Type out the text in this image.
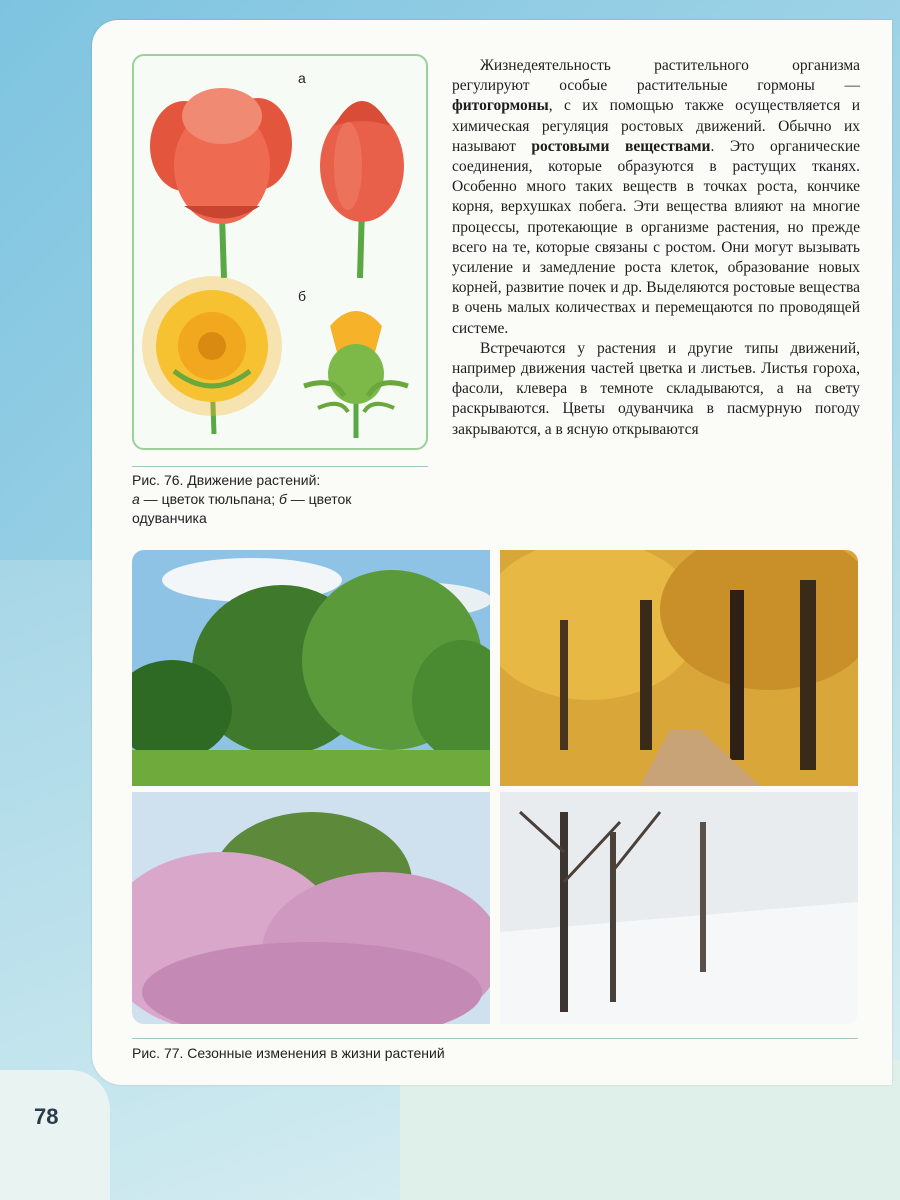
а
б
Рис. 76. Движение растений:
а — цветок тюльпана; б — цветок
одуванчика

Жизнедеятельность растительного организма регулируют особые растительные гормоны — фитогормоны, с их помощью также осуществляется и химическая регуляция ростовых движений. Обычно их называют ростовыми веществами. Это органические соединения, которые образуются в растущих тканях. Особенно много таких веществ в точках роста, кончике корня, верхушках побега. Эти вещества влияют на многие процессы, протекающие в организме растения, но прежде всего на те, которые связаны с ростом. Они могут вызывать усиление и замедление роста клеток, образование новых корней, развитие почек и др. Выделяются ростовые вещества в очень малых количествах и перемещаются по проводящей системе.

Встречаются у растения и другие типы движений, например движения частей цветка и листьев. Листья гороха, фасоли, клевера в темноте складываются, а на свету раскрываются. Цветы одуванчика в пасмурную погоду закрываются, а в ясную открываются

Рис. 77. Сезонные изменения в жизни растений
78
